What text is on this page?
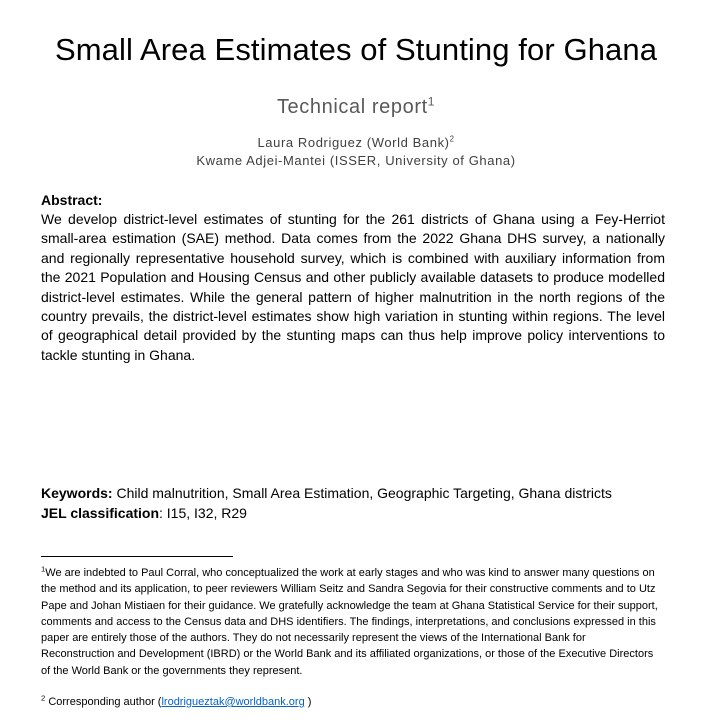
Small Area Estimates of Stunting for Ghana
Technical report$^1$
Laura Rodriguez (World Bank)$^2$
Kwame Adjei-Mantei (ISSER, University of Ghana)
Abstract:
We develop district-level estimates of stunting for the 261 districts of Ghana using a Fey-Herriot small-area estimation (SAE) method. Data comes from the 2022 Ghana DHS survey, a nationally and regionally representative household survey, which is combined with auxiliary information from the 2021 Population and Housing Census and other publicly available datasets to produce modelled district-level estimates. While the general pattern of higher malnutrition in the north regions of the country prevails, the district-level estimates show high variation in stunting within regions. The level of geographical detail provided by the stunting maps can thus help improve policy interventions to tackle stunting in Ghana.
Keywords: Child malnutrition, Small Area Estimation, Geographic Targeting, Ghana districts
JEL classification: I15, I32, R29
$^1$We are indebted to Paul Corral, who conceptualized the work at early stages and who was kind to answer many questions on the method and its application, to peer reviewers William Seitz and Sandra Segovia for their constructive comments and to Utz Pape and Johan Mistiaen for their guidance. We gratefully acknowledge the team at Ghana Statistical Service for their support, comments and access to the Census data and DHS identifiers. The findings, interpretations, and conclusions expressed in this paper are entirely those of the authors. They do not necessarily represent the views of the International Bank for Reconstruction and Development (IBRD) or the World Bank and its affiliated organizations, or those of the Executive Directors of the World Bank or the governments they represent.
$^2$ Corresponding author (lrodrigueztak@worldbank.org )
